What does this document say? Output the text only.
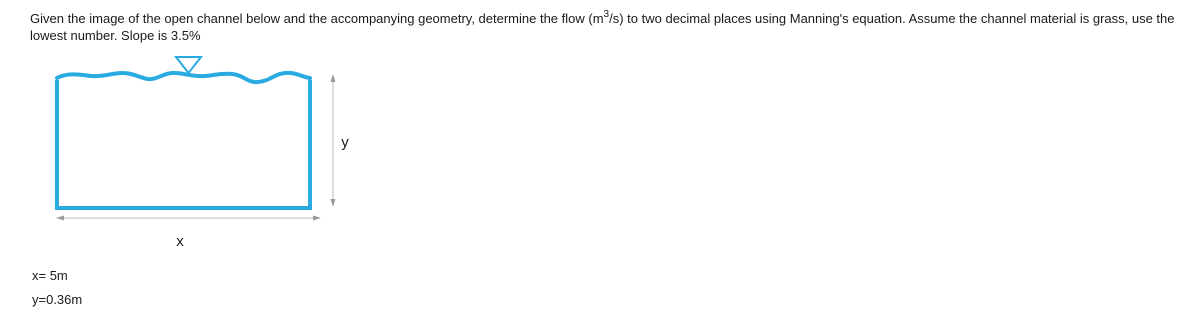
Given the image of the open channel below and the accompanying geometry, determine the flow $(m^3/s)$ to two decimal places using Manning's equation. Assume the channel material is grass, use the lowest number. Slope is 3.5%
x
y
x= 5m
y=0.36m
